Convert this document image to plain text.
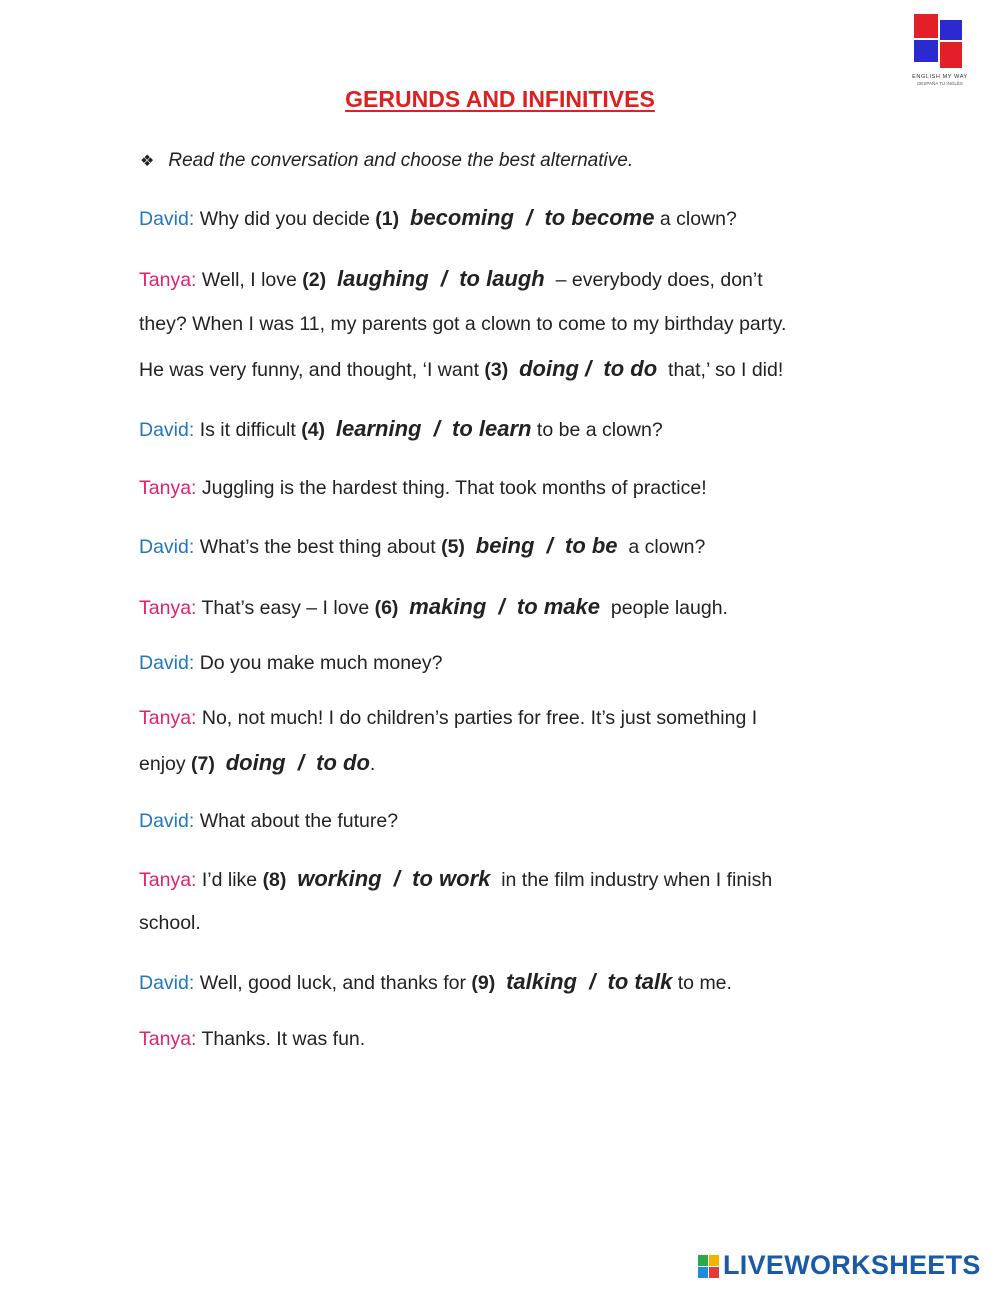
ENGLISH MY WAY
DESPAÑA TU INGLÉS
GERUNDS AND INFINITIVES
❖ Read the conversation and choose the best alternative.
David: Why did you decide (1) becoming  /  to become a clown?
Tanya: Well, I love (2) laughing  /  to laugh  – everybody does, don’t
they? When I was 11, my parents got a clown to come to my birthday party.
He was very funny, and thought, ‘I want (3) doing /  to do  that,’ so I did!
David: Is it difficult (4) learning  /  to learn to be a clown?
Tanya: Juggling is the hardest thing. That took months of practice!
David: What’s the best thing about (5) being  /  to be  a clown?
Tanya: That’s easy – I love (6) making  /  to make  people laugh.
David: Do you make much money?
Tanya: No, not much! I do children’s parties for free. It’s just something I
enjoy (7) doing  /  to do.
David: What about the future?
Tanya: I’d like (8) working  /  to work  in the film industry when I finish
school.
David: Well, good luck, and thanks for (9) talking  /  to talk to me.
Tanya: Thanks. It was fun.
LIVEWORKSHEETS
